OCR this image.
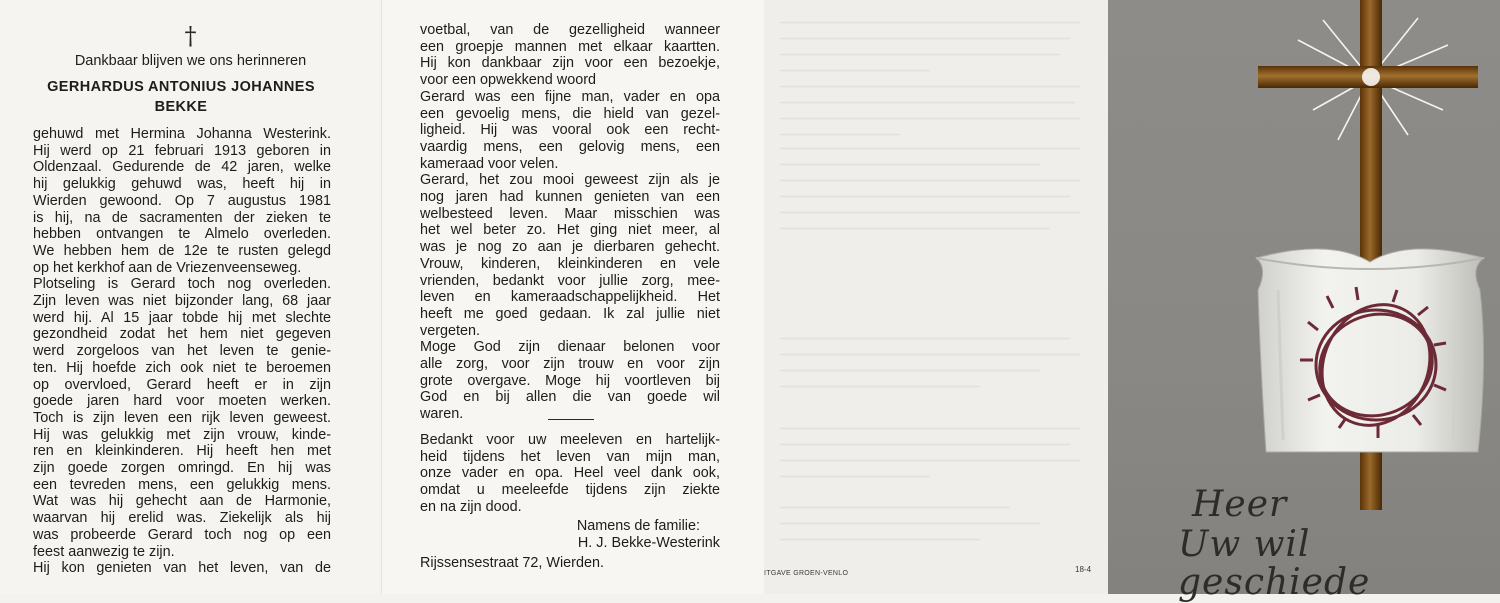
†
Dankbaar blijven we ons herinneren
GERHARDUS ANTONIUS JOHANNES
BEKKE
gehuwd met Hermina Johanna Westerink.
Hij werd op 21 februari 1913 geboren in
Oldenzaal. Gedurende de 42 jaren, welke
hij gelukkig gehuwd was, heeft hij in
Wierden gewoond. Op 7 augustus 1981
is hij, na de sacramenten der zieken te
hebben ontvangen te Almelo overleden.
We hebben hem de 12e te rusten gelegd
op het kerkhof aan de Vriezenveenseweg.
Plotseling is Gerard toch nog overleden.
Zijn leven was niet bijzonder lang, 68 jaar
werd hij. Al 15 jaar tobde hij met slechte
gezondheid zodat het hem niet gegeven
werd zorgeloos van het leven te genie-
ten. Hij hoefde zich ook niet te beroemen
op overvloed, Gerard heeft er in zijn
goede jaren hard voor moeten werken.
Toch is zijn leven een rijk leven geweest.
Hij was gelukkig met zijn vrouw, kinde-
ren en kleinkinderen. Hij heeft hen met
zijn goede zorgen omringd. En hij was
een tevreden mens, een gelukkig mens.
Wat was hij gehecht aan de Harmonie,
waarvan hij erelid was. Ziekelijk als hij
was probeerde Gerard toch nog op een
feest aanwezig te zijn.
Hij kon genieten van het leven, van de
voetbal, van de gezelligheid wanneer
een groepje mannen met elkaar kaartten.
Hij kon dankbaar zijn voor een bezoekje,
voor een opwekkend woord
Gerard was een fijne man, vader en opa
een gevoelig mens, die hield van gezel-
ligheid. Hij was vooral ook een recht-
vaardig mens, een gelovig mens, een
kameraad voor velen.
Gerard, het zou mooi geweest zijn als je
nog jaren had kunnen genieten van een
welbesteed leven. Maar misschien was
het wel beter zo. Het ging niet meer, al
was je nog zo aan je dierbaren gehecht.
Vrouw, kinderen, kleinkinderen en vele
vrienden, bedankt voor jullie zorg, mee-
leven en kameraadschappelijkheid. Het
heeft me goed gedaan. Ik zal jullie niet
vergeten.
Moge God zijn dienaar belonen voor
alle zorg, voor zijn trouw en voor zijn
grote overgave. Moge hij voortleven bij
God en bij allen die van goede wil
waren.
Bedankt voor uw meeleven en hartelijk-
heid tijdens het leven van mijn man,
onze vader en opa. Heel veel dank ook,
omdat u meeleefde tijdens zijn ziekte
en na zijn dood.
Namens de familie:
H. J. Bekke-Westerink
Rijssensestraat 72, Wierden.
ITGAVE GROEN-VENLO	18-4
Heer
Uw wil geschiede
